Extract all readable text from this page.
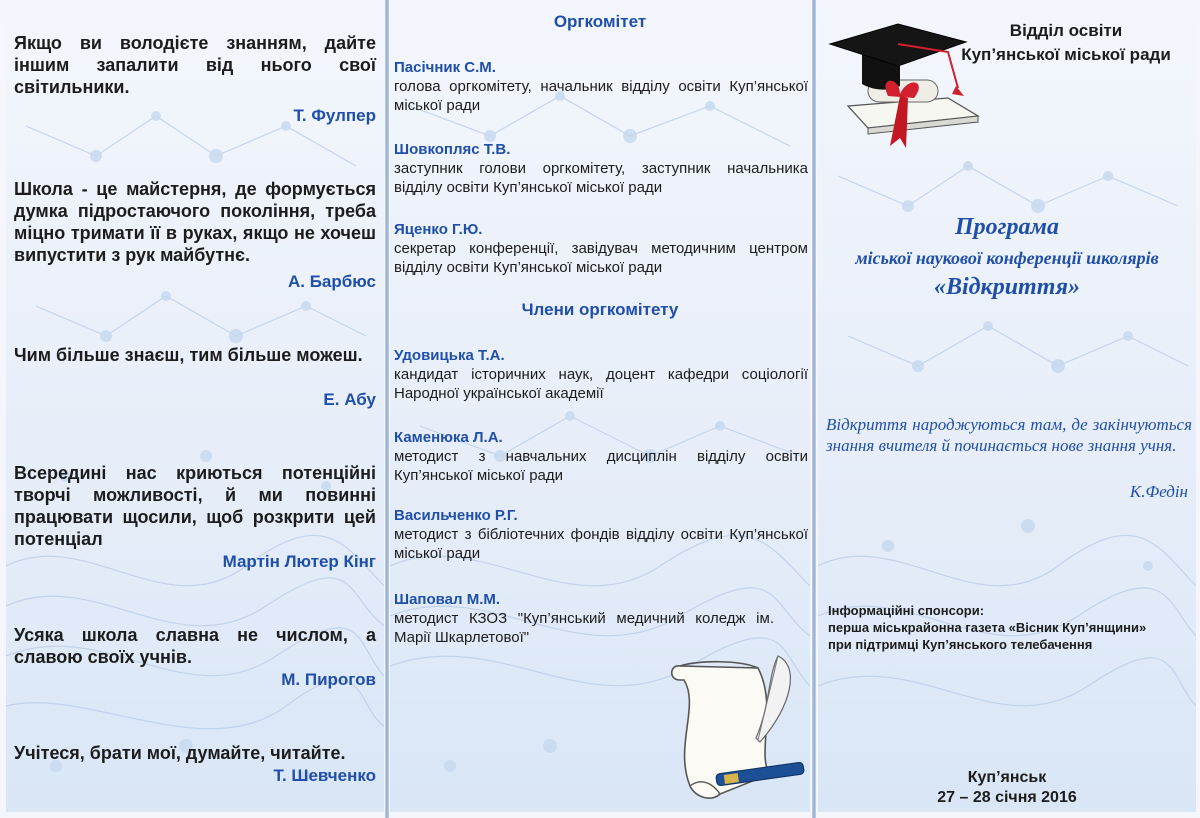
Якщо ви володієте знанням, дайте іншим запалити від нього свої світильники.
Т. Фулпер
Школа - це майстерня, де формується думка підростаючого покоління, треба міцно тримати її в руках, якщо не хочеш випустити з рук майбутнє.
А. Барбюс
Чим більше знаєш, тим більше можеш.
Е. Абу
Всередині нас криються потенційні творчі можливості, й ми повинні працювати щосили, щоб розкрити цей потенціал
Мартін Лютер Кінг
Усяка школа славна не числом, а славою своїх учнів.
М. Пирогов
Учітеся, брати мої, думайте, читайте.
Т. Шевченко
Оргкомітет
Пасічник С.М.
голова оргкомітету, начальник відділу освіти Куп’янської міської ради
Шовкопляс Т.В.
заступник голови оргкомітету, заступник начальника відділу освіти Куп’янської міської ради
Яценко Г.Ю.
секретар конференції, завідувач методичним центром відділу освіти Куп’янської міської ради
Члени оргкомітету
Удовицька Т.А.
кандидат історичних наук, доцент кафедри соціології Народної української академії
Каменюка Л.А.
методист з навчальних дисциплін відділу освіти Куп’янської міської ради
Васильченко Р.Г.
методист з бібліотечних фондів відділу освіти Куп’янської міської ради
Шаповал М.М.
методист КЗОЗ "Куп’янський медичний коледж ім. Марії Шкарлетової"
Відділ освіти
Куп’янської міської ради
Програма
міської наукової конференції школярів
«Відкриття»
Відкриття народжуються там, де закінчуються знання вчителя й починається нове знання учня.
К.Федін
Інформаційні спонсори:
перша міськрайонна газета «Вісник Куп’янщини»
при підтримці Куп’янського телебачення
Куп’янськ
27 – 28 січня 2016
